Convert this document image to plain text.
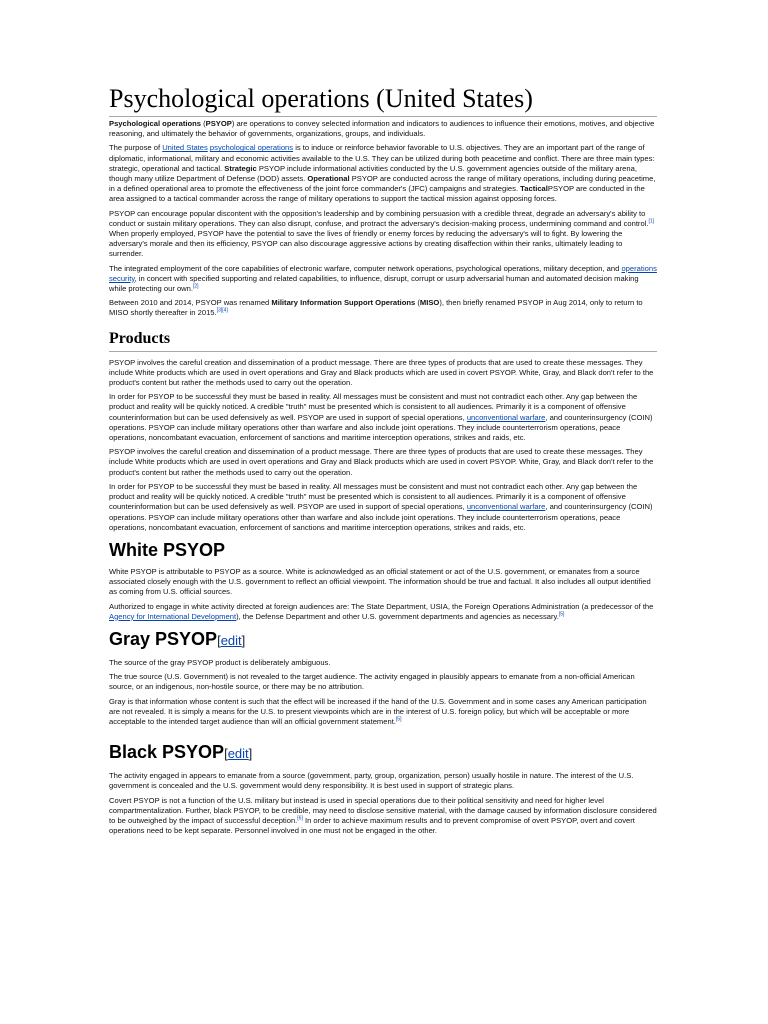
Psychological operations (United States)

Psychological operations (PSYOP) are operations to convey selected information and indicators to audiences to influence their emotions, motives, and objective reasoning, and ultimately the behavior of governments, organizations, groups, and individuals.

The purpose of United States psychological operations is to induce or reinforce behavior favorable to U.S. objectives. They are an important part of the range of diplomatic, informational, military and economic activities available to the U.S. They can be utilized during both peacetime and conflict. There are three main types: strategic, operational and tactical. Strategic PSYOP include informational activities conducted by the U.S. government agencies outside of the military arena, though many utilize Department of Defense (DOD) assets. Operational PSYOP are conducted across the range of military operations, including during peacetime, in a defined operational area to promote the effectiveness of the joint force commander's (JFC) campaigns and strategies. TacticalPSYOP are conducted in the area assigned to a tactical commander across the range of military operations to support the tactical mission against opposing forces.

PSYOP can encourage popular discontent with the opposition's leadership and by combining persuasion with a credible threat, degrade an adversary's ability to conduct or sustain military operations. They can also disrupt, confuse, and protract the adversary's decision-making process, undermining command and control.[1] When properly employed, PSYOP have the potential to save the lives of friendly or enemy forces by reducing the adversary's will to fight. By lowering the adversary's morale and then its efficiency, PSYOP can also discourage aggressive actions by creating disaffection within their ranks, ultimately leading to surrender.

The integrated employment of the core capabilities of electronic warfare, computer network operations, psychological operations, military deception, and operations security, in concert with specified supporting and related capabilities, to influence, disrupt, corrupt or usurp adversarial human and automated decision making while protecting our own.[2]

Between 2010 and 2014, PSYOP was renamed Military Information Support Operations (MISO), then briefly renamed PSYOP in Aug 2014, only to return to MISO shortly thereafter in 2015.[3][4]

Products

PSYOP involves the careful creation and dissemination of a product message. There are three types of products that are used to create these messages. They include White products which are used in overt operations and Gray and Black products which are used in covert PSYOP. White, Gray, and Black don't refer to the product's content but rather the methods used to carry out the operation.

In order for PSYOP to be successful they must be based in reality. All messages must be consistent and must not contradict each other. Any gap between the product and reality will be quickly noticed. A credible "truth" must be presented which is consistent to all audiences. Primarily it is a component of offensive counterinformation but can be used defensively as well. PSYOP are used in support of special operations, unconventional warfare, and counterinsurgency (COIN) operations. PSYOP can include military operations other than warfare and also include joint operations. They include counterterrorism operations, peace operations, noncombatant evacuation, enforcement of sanctions and maritime interception operations, strikes and raids, etc.

PSYOP involves the careful creation and dissemination of a product message. There are three types of products that are used to create these messages. They include White products which are used in overt operations and Gray and Black products which are used in covert PSYOP. White, Gray, and Black don't refer to the product's content but rather the methods used to carry out the operation.

In order for PSYOP to be successful they must be based in reality. All messages must be consistent and must not contradict each other. Any gap between the product and reality will be quickly noticed. A credible "truth" must be presented which is consistent to all audiences. Primarily it is a component of offensive counterinformation but can be used defensively as well. PSYOP are used in support of special operations, unconventional warfare, and counterinsurgency (COIN) operations. PSYOP can include military operations other than warfare and also include joint operations. They include counterterrorism operations, peace operations, noncombatant evacuation, enforcement of sanctions and maritime interception operations, strikes and raids, etc.

White PSYOP

White PSYOP is attributable to PSYOP as a source. White is acknowledged as an official statement or act of the U.S. government, or emanates from a source associated closely enough with the U.S. government to reflect an official viewpoint. The information should be true and factual. It also includes all output identified as coming from U.S. official sources.

Authorized to engage in white activity directed at foreign audiences are: The State Department, USIA, the Foreign Operations Administration (a predecessor of the Agency for International Development), the Defense Department and other U.S. government departments and agencies as necessary.[5]

Gray PSYOP[edit]

The source of the gray PSYOP product is deliberately ambiguous.

The true source (U.S. Government) is not revealed to the target audience. The activity engaged in plausibly appears to emanate from a non-official American source, or an indigenous, non-hostile source, or there may be no attribution.

Gray is that information whose content is such that the effect will be increased if the hand of the U.S. Government and in some cases any American participation are not revealed. It is simply a means for the U.S. to present viewpoints which are in the interest of U.S. foreign policy, but which will be acceptable or more acceptable to the intended target audience than will an official government statement.[5]

Black PSYOP[edit]

The activity engaged in appears to emanate from a source (government, party, group, organization, person) usually hostile in nature. The interest of the U.S. government is concealed and the U.S. government would deny responsibility. It is best used in support of strategic plans.

Covert PSYOP is not a function of the U.S. military but instead is used in special operations due to their political sensitivity and need for higher level compartmentalization. Further, black PSYOP, to be credible, may need to disclose sensitive material, with the damage caused by information disclosure considered to be outweighed by the impact of successful deception.[6] In order to achieve maximum results and to prevent compromise of overt PSYOP, overt and covert operations need to be kept separate. Personnel involved in one must not be engaged in the other.
